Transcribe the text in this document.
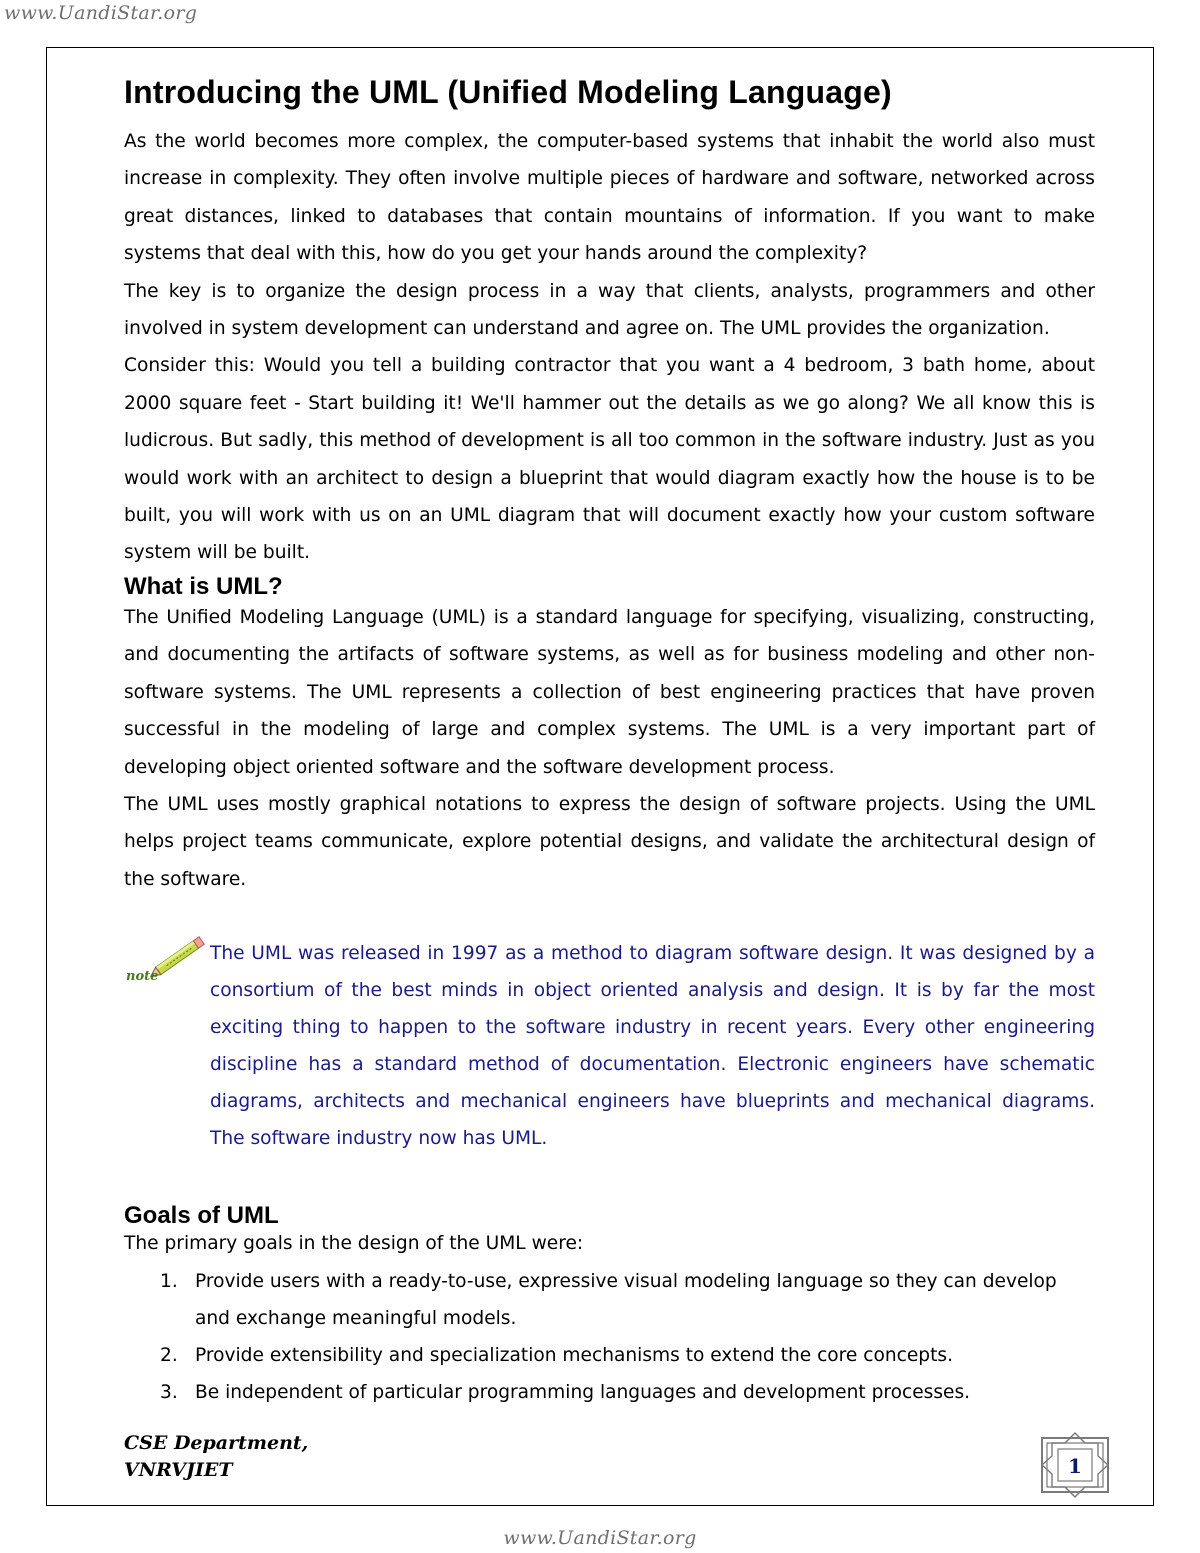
www.UandiStar.org
Introducing the UML (Unified Modeling Language)

As the world becomes more complex, the computer-based systems that inhabit the world also must increase in complexity. They often involve multiple pieces of hardware and software, networked across great distances, linked to databases that contain mountains of information. If you want to make systems that deal with this, how do you get your hands around the complexity?

The key is to organize the design process in a way that clients, analysts, programmers and other involved in system development can understand and agree on. The UML provides the organization.

Consider this: Would you tell a building contractor that you want a 4 bedroom, 3 bath home, about 2000 square feet - Start building it! We'll hammer out the details as we go along? We all know this is ludicrous. But sadly, this method of development is all too common in the software industry. Just as you would work with an architect to design a blueprint that would diagram exactly how the house is to be built, you will work with us on an UML diagram that will document exactly how your custom software system will be built.

What is UML?

The Unified Modeling Language (UML) is a standard language for specifying, visualizing, constructing, and documenting the artifacts of software systems, as well as for business modeling and other non-software systems. The UML represents a collection of best engineering practices that have proven successful in the modeling of large and complex systems. The UML is a very important part of developing object oriented software and the software development process.

The UML uses mostly graphical notations to express the design of software projects. Using the UML helps project teams communicate, explore potential designs, and validate the architectural design of the software.

note
The UML was released in 1997 as a method to diagram software design. It was designed by a consortium of the best minds in object oriented analysis and design. It is by far the most exciting thing to happen to the software industry in recent years. Every other engineering discipline has a standard method of documentation. Electronic engineers have schematic diagrams, architects and mechanical engineers have blueprints and mechanical diagrams. The software industry now has UML.
Goals of UML

The primary goals in the design of the UML were:

1. Provide users with a ready-to-use, expressive visual modeling language so they can develop and exchange meaningful models.
2. Provide extensibility and specialization mechanisms to extend the core concepts.
3. Be independent of particular programming languages and development processes.
CSE Department,
VNRVJIET	1
www.UandiStar.org
